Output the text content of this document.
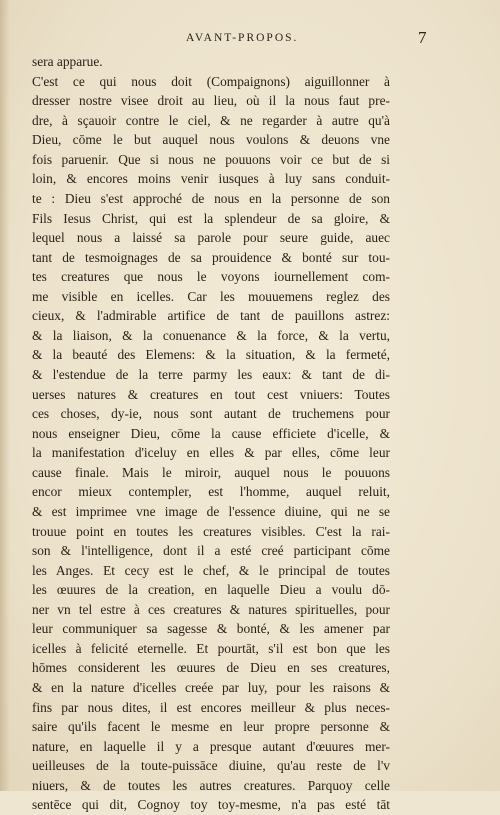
AVANT-PROPOS.	7
sera apparue.
C'est ce qui nous doit (Compaignons) aiguillonner à
dresser nostre visee droit au lieu, où il la nous faut pre-
dre, à sçauoir contre le ciel, & ne regarder à autre qu'à
Dieu, cōme le but auquel nous voulons & deuons vne
fois paruenir. Que si nous ne pouuons voir ce but de si
loin, & encores moins venir iusques à luy sans conduit-
te : Dieu s'est approché de nous en la personne de son
Fils Iesus Christ, qui est la splendeur de sa gloire, &
lequel nous a laissé sa parole pour seure guide, auec
tant de tesmoignages de sa prouidence & bonté sur tou-
tes creatures que nous le voyons iournellement com-
me visible en icelles. Car les mouuemens reglez des
cieux, & l'admirable artifice de tant de pauillons astrez:
& la liaison, & la conuenance & la force, & la vertu,
& la beauté des Elemens: & la situation, & la fermeté,
& l'estendue de la terre parmy les eaux: & tant de di-
uerses natures & creatures en tout cest vniuers: Toutes
ces choses, dy-ie, nous sont autant de truchemens pour
nous enseigner Dieu, cōme la cause efficiete d'icelle, &
la manifestation d'iceluy en elles & par elles, cōme leur
cause finale. Mais le miroir, auquel nous le pouuons
encor mieux contempler, est l'homme, auquel reluit,
& est imprimee vne image de l'essence diuine, qui ne se
trouue point en toutes les creatures visibles. C'est la rai-
son & l'intelligence, dont il a esté creé participant cōme
les Anges. Et cecy est le chef, & le principal de toutes
les œuures de la creation, en laquelle Dieu a voulu dō-
ner vn tel estre à ces creatures & natures spirituelles, pour
leur communiquer sa sagesse & bonté, & les amener par
icelles à felicité eternelle. Et pourtāt, s'il est bon que les
hōmes considerent les œuures de Dieu en ses creatures,
& en la nature d'icelles creée par luy, pour les raisons &
fins par nous dites, il est encores meilleur & plus neces-
saire qu'ils facent le mesme en leur propre personne &
nature, en laquelle il y a presque autant d'œuures mer-
ueilleuses de la toute-puissāce diuine, qu'au reste de l'v
niuers, & de toutes les autres creatures. Parquoy celle
sentēce qui dit, Cognoy toy toy-mesme, n'a pas esté tāt
